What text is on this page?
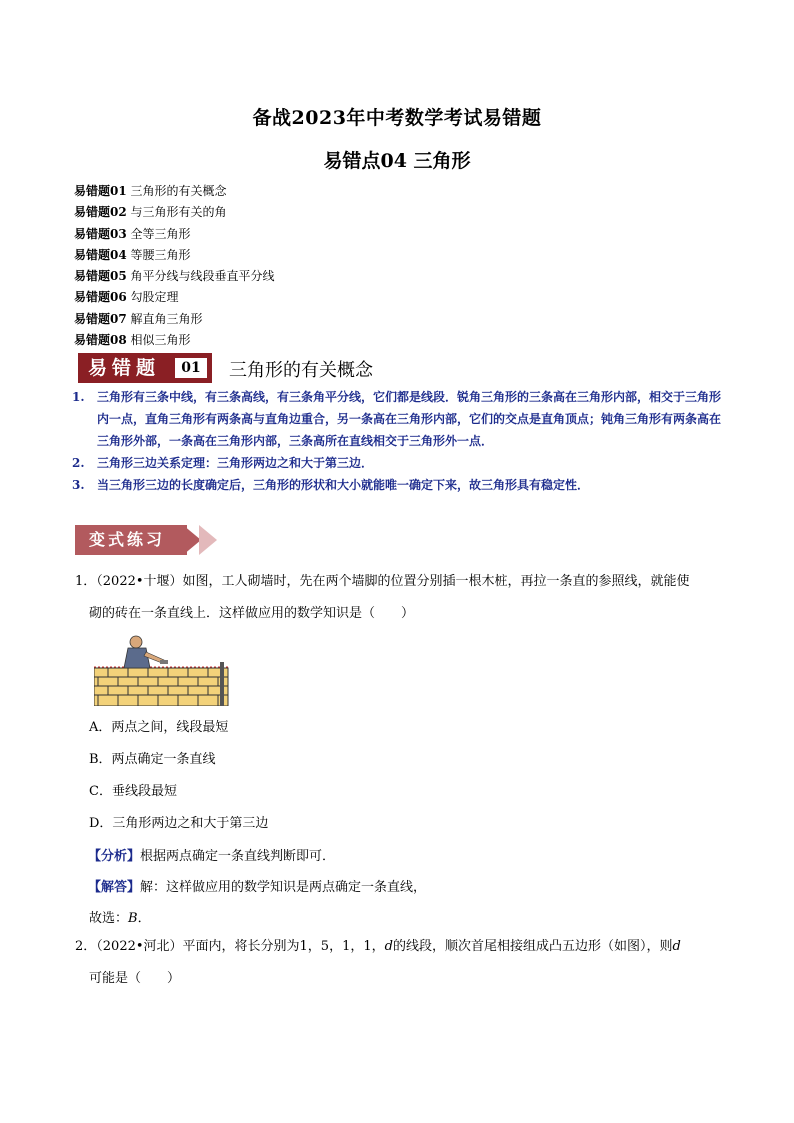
备战2023年中考数学考试易错题
易错点04 三角形
易错题01 三角形的有关概念
易错题02 与三角形有关的角
易错题03 全等三角形
易错题04 等腰三角形
易错题05 角平分线与线段垂直平分线
易错题06 勾股定理
易错题07 解直角三角形
易错题08 相似三角形
易错题	01	三角形的有关概念
1. 三角形有三条中线，有三条高线，有三条角平分线，它们都是线段．锐角三角形的三条高在三角形内部，相交于三角形内一点，直角三角形有两条高与直角边重合，另一条高在三角形内部，它们的交点是直角顶点；钝角三角形有两条高在三角形外部，一条高在三角形内部，三条高所在直线相交于三角形外一点．
2. 三角形三边关系定理：三角形两边之和大于第三边．
3. 当三角形三边的长度确定后，三角形的形状和大小就能唯一确定下来，故三角形具有稳定性．
变式练习
1．（2022•十堰）如图，工人砌墙时，先在两个墙脚的位置分别插一根木桩，再拉一条直的参照线，就能使
砌的砖在一条直线上．这样做应用的数学知识是（　　）
A．两点之间，线段最短
B．两点确定一条直线
C．垂线段最短
D．三角形两边之和大于第三边
【分析】根据两点确定一条直线判断即可．
【解答】解：这样做应用的数学知识是两点确定一条直线，
故选：B．
2．（2022•河北）平面内，将长分别为1，5，1，1，d的线段，顺次首尾相接组成凸五边形（如图），则d
可能是（　　）
